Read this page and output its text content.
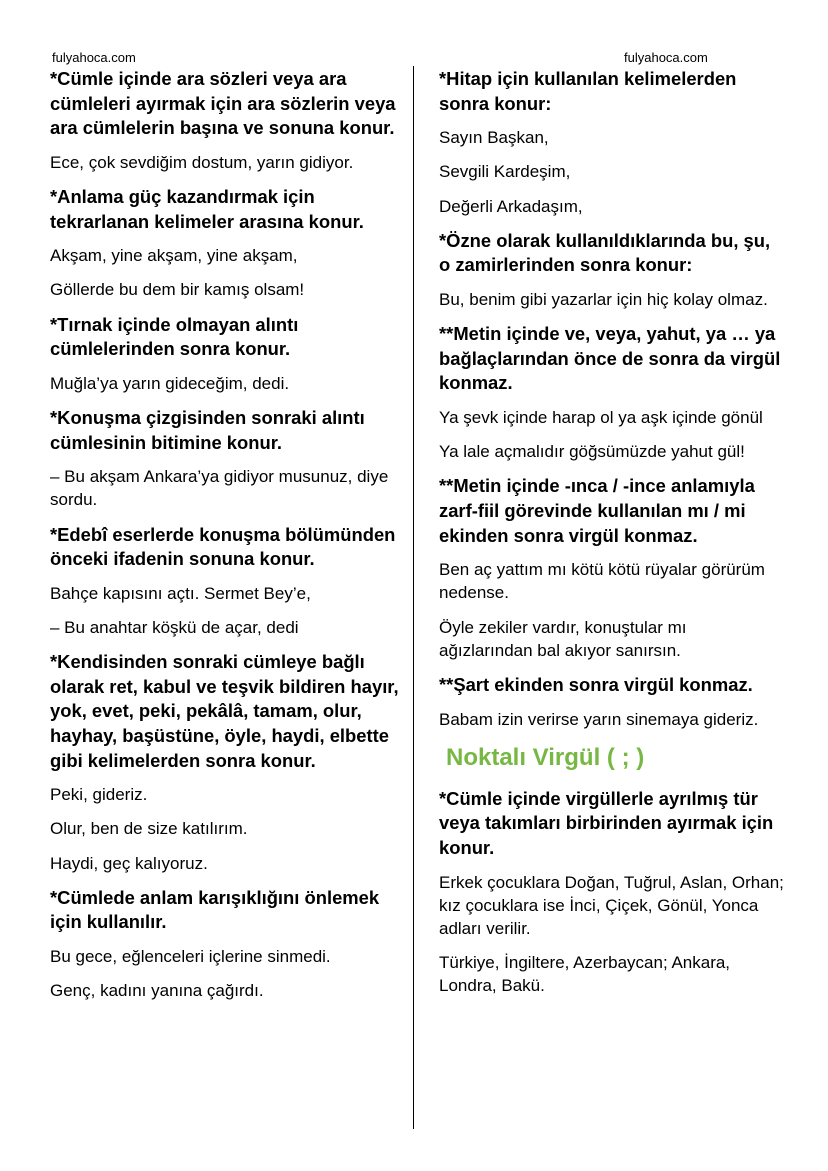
fulyahoca.com	fulyahoca.com

*Cümle içinde ara sözleri veya ara cümleleri ayırmak için ara sözlerin veya ara cümlelerin başına ve sonuna konur.

Ece, çok sevdiğim dostum, yarın gidiyor.

*Anlama güç kazandırmak için tekrarlanan kelimeler arasına konur.

Akşam, yine akşam, yine akşam,

Göllerde bu dem bir kamış olsam!

*Tırnak içinde olmayan alıntı cümlelerinden sonra konur.

Muğla’ya yarın gideceğim, dedi.

*Konuşma çizgisinden sonraki alıntı cümlesinin bitimine konur.

– Bu akşam Ankara’ya gidiyor musunuz, diye sordu.

*Edebî eserlerde konuşma bölümünden önceki ifadenin sonuna konur.

Bahçe kapısını açtı. Sermet Bey’e,

– Bu anahtar köşkü de açar, dedi

*Kendisinden sonraki cümleye bağlı olarak ret, kabul ve teşvik bildiren hayır, yok, evet, peki, pekâlâ, tamam, olur, hayhay, başüstüne, öyle, haydi, elbette gibi kelimelerden sonra konur.

Peki, gideriz.

Olur, ben de size katılırım.

Haydi, geç kalıyoruz.

*Cümlede anlam karışıklığını önlemek için kullanılır.

Bu gece, eğlenceleri içlerine sinmedi.

Genç, kadını yanına çağırdı.

*Hitap için kullanılan kelimelerden sonra konur:

Sayın Başkan,

Sevgili Kardeşim,

Değerli Arkadaşım,

*Özne olarak kullanıldıklarında bu, şu, o zamirlerinden sonra konur:

Bu, benim gibi yazarlar için hiç kolay olmaz.

**Metin içinde ve, veya, yahut, ya … ya bağlaçlarından önce de sonra da virgül konmaz.

Ya şevk içinde harap ol ya aşk içinde gönül

Ya lale açmalıdır göğsümüzde yahut gül!

**Metin içinde -ınca / -ince anlamıyla zarf-fiil görevinde kullanılan mı / mi ekinden sonra virgül konmaz.

Ben aç yattım mı kötü kötü rüyalar görürüm nedense.

Öyle zekiler vardır, konuştular mı ağızlarından bal akıyor sanırsın.

**Şart ekinden sonra virgül konmaz.

Babam izin verirse yarın sinemaya gideriz.

Noktalı Virgül ( ; )

*Cümle içinde virgüllerle ayrılmış tür veya takımları birbirinden ayırmak için konur.

Erkek çocuklara Doğan, Tuğrul, Aslan, Orhan; kız çocuklara ise İnci, Çiçek, Gönül, Yonca adları verilir.

Türkiye, İngiltere, Azerbaycan; Ankara, Londra, Bakü.
